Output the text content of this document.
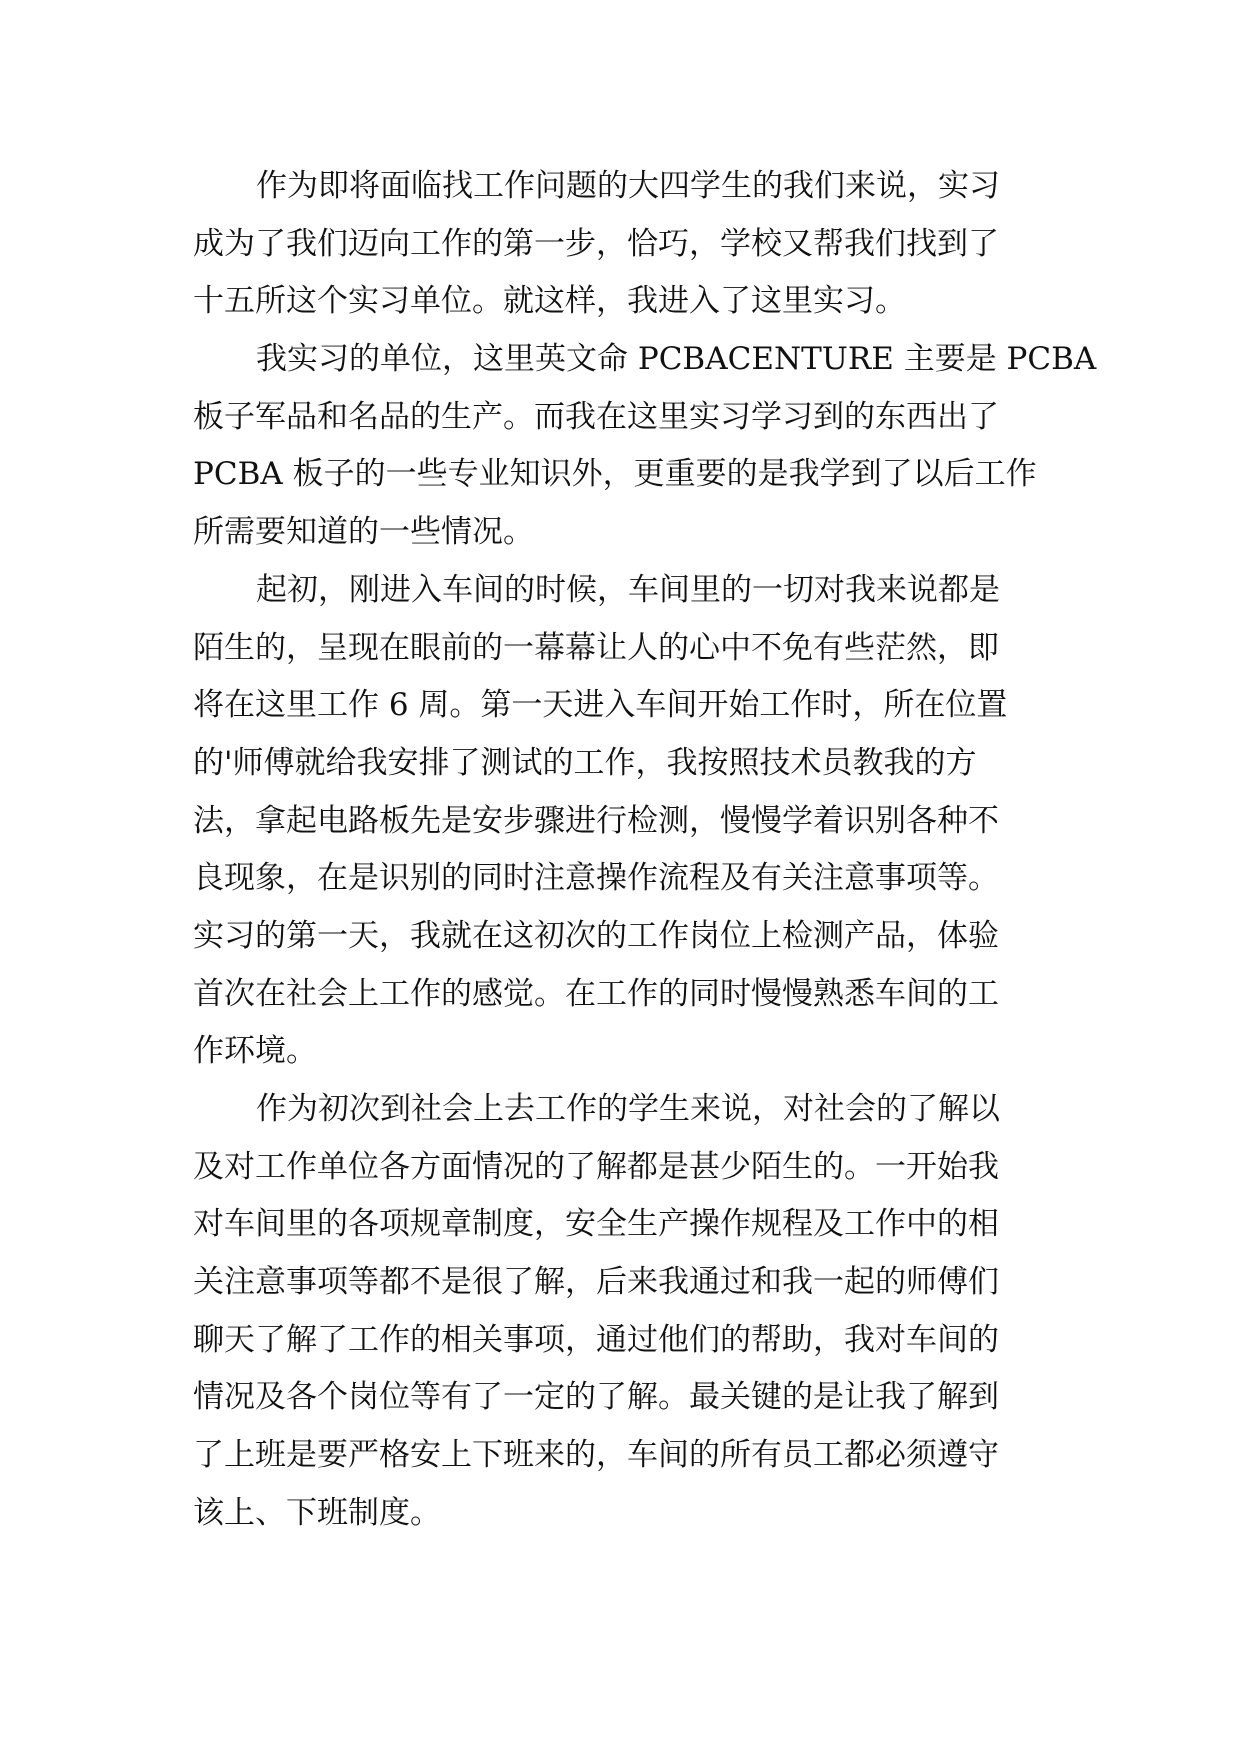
作为即将面临找工作问题的大四学生的我们来说，实习
成为了我们迈向工作的第一步，恰巧，学校又帮我们找到了
十五所这个实习单位。就这样，我进入了这里实习。
我实习的单位，这里英文命 PCBACENTURE 主要是 PCBA
板子军品和名品的生产。而我在这里实习学习到的东西出了
PCBA 板子的一些专业知识外，更重要的是我学到了以后工作
所需要知道的一些情况。
起初，刚进入车间的时候，车间里的一切对我来说都是
陌生的，呈现在眼前的一幕幕让人的心中不免有些茫然，即
将在这里工作 6 周。第一天进入车间开始工作时，所在位置
的'师傅就给我安排了测试的工作，我按照技术员教我的方
法，拿起电路板先是安步骤进行检测，慢慢学着识别各种不
良现象，在是识别的同时注意操作流程及有关注意事项等。
实习的第一天，我就在这初次的工作岗位上检测产品，体验
首次在社会上工作的感觉。在工作的同时慢慢熟悉车间的工
作环境。
作为初次到社会上去工作的学生来说，对社会的了解以
及对工作单位各方面情况的了解都是甚少陌生的。一开始我
对车间里的各项规章制度，安全生产操作规程及工作中的相
关注意事项等都不是很了解，后来我通过和我一起的师傅们
聊天了解了工作的相关事项，通过他们的帮助，我对车间的
情况及各个岗位等有了一定的了解。最关键的是让我了解到
了上班是要严格安上下班来的，车间的所有员工都必须遵守
该上、下班制度。
